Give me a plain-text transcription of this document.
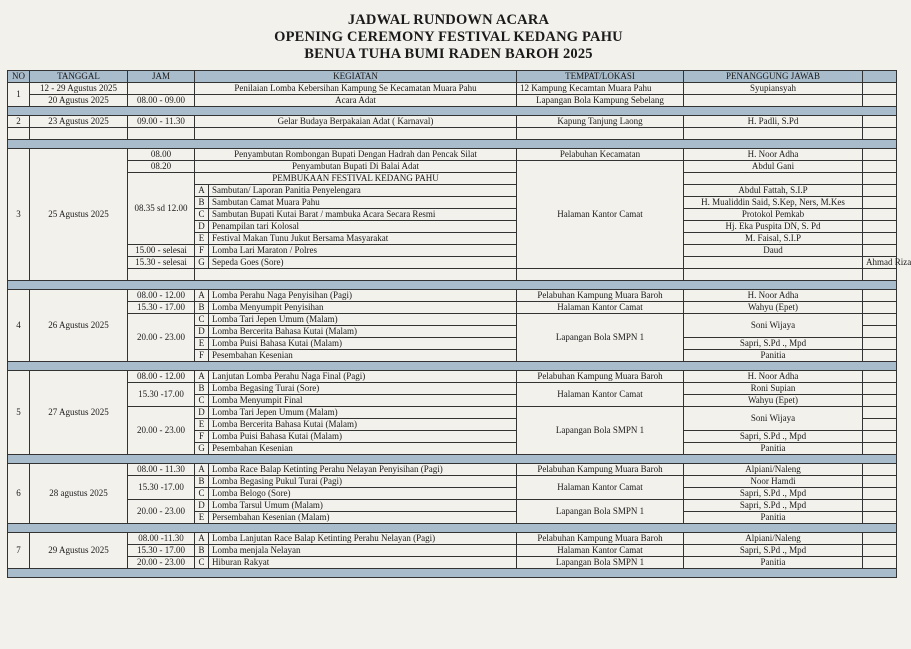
JADWAL RUNDOWN ACARA
OPENING CEREMONY FESTIVAL KEDANG PAHU
BENUA TUHA BUMI RADEN BAROH 2025
NO	TANGGAL	JAM	KEGIATAN		TEMPAT/LOKASI	PENANGGUNG JAWAB		
1	12 - 29 Agustus 2025		Penilaian Lomba Kebersihan Kampung Se Kecamatan Muara Pahu		12 Kampung Kecamtan Muara Pahu	Syupiansyah		
	20 Agustus 2025	08.00 - 09.00	Acara Adat		Lapangan Bola Kampung Sebelang			

2	23 Agustus 2025	09.00 - 11.30	Gelar Budaya Berpakaian Adat ( Karnaval)		Kapung Tanjung Laong	H. Padli, S.Pd		

3	25 Agustus 2025	08.00	Penyambutan Rombongan Bupati Dengan Hadrah dan Pencak Silat		Pelabuhan Kecamatan	H. Noor Adha		
		08.20	Penyambutan Bupati Di Balai Adat		Halaman Kantor Camat	Abdul Gani		
		08.35 sd 12.00	PEMBUKAAN FESTIVAL KEDANG PAHU					
			A	Sambutan/ Laporan Panitia Penyelengara		Abdul Fattah, S.I.P		
			B	Sambutan Camat Muara Pahu		H. Mualiddin Said, S.Kep, Ners, M.Kes		
			C	Sambutan Bupati Kutai Barat / mambuka Acara Secara Resmi		Protokol Pemkab		
			D	Penampilan tari Kolosal		Hj. Eka Puspita DN, S. Pd		
			E	Festival Makan Tunu Jukut Bersama Masyarakat		M. Faisal, S.I.P		
		15.00 - selesai	F	Lomba Lari Maraton / Polres		Daud		
		15.30 - selesai	G	Sepeda Goes (Sore)			Ahmad Riza	

4	26 Agustus 2025	08.00 - 12.00	A	Lomba Perahu Naga Penyisihan (Pagi)	Pelabuhan Kampung Muara Baroh	H. Noor Adha		
		15.30 - 17.00	B	Lomba Menyumpit Penyisihan	Halaman Kantor Camat	Wahyu (Epet)		
		20.00 - 23.00	C	Lomba Tari Jepen Umum (Malam)	Lapangan Bola SMPN 1	Soni Wijaya		
			D	Lomba Bercerita Bahasa Kutai (Malam)				
			E	Lomba Puisi Bahasa Kutai (Malam)		Sapri, S.Pd ., Mpd		
			F	Pesembahan Kesenian		Panitia		

5	27 Agustus 2025	08.00 - 12.00	A	Lanjutan Lomba Perahu Naga Final (Pagi)	Pelabuhan Kampung Muara Baroh	H. Noor Adha		
		15.30 -17.00	B	Lomba Begasing Turai (Sore)	Halaman Kantor Camat	Roni Supian		
			C	Lomba Menyumpit Final		Wahyu (Epet)		
		20.00 - 23.00	D	Lomba Tari Jepen Umum (Malam)	Lapangan Bola SMPN 1	Soni Wijaya		
			E	Lomba Bercerita Bahasa Kutai (Malam)				
			F	Lomba Puisi Bahasa Kutai (Malam)		Sapri, S.Pd ., Mpd		
			G	Pesembahan Kesenian		Panitia		

6	28 agustus 2025	08.00 - 11.30	A	Lomba Race Balap Ketinting Perahu Nelayan Penyisihan (Pagi)	Pelabuhan Kampung Muara Baroh	Alpiani/Naleng		
		15.30 -17.00	B	Lomba Begasing Pukul Turai (Pagi)	Halaman Kantor Camat	Noor Hamdi		
			C	Lomba Belogo (Sore)		Sapri, S.Pd ., Mpd		
		20.00 - 23.00	D	Lomba Tarsul Umum (Malam)	Lapangan Bola SMPN 1	Sapri, S.Pd ., Mpd		
			E	Persembahan Kesenian (Malam)		Panitia		

7	29 Agustus 2025	08.00 -11.30	A	Lomba Lanjutan Race Balap Ketinting Perahu Nelayan (Pagi)	Pelabuhan Kampung Muara Baroh	Alpiani/Naleng		
		15.30 - 17.00	B	Lomba menjala Nelayan	Halaman Kantor Camat	Sapri, S.Pd ., Mpd		
		20.00 - 23.00	C	Hiburan Rakyat	Lapangan Bola SMPN 1	Panitia		
